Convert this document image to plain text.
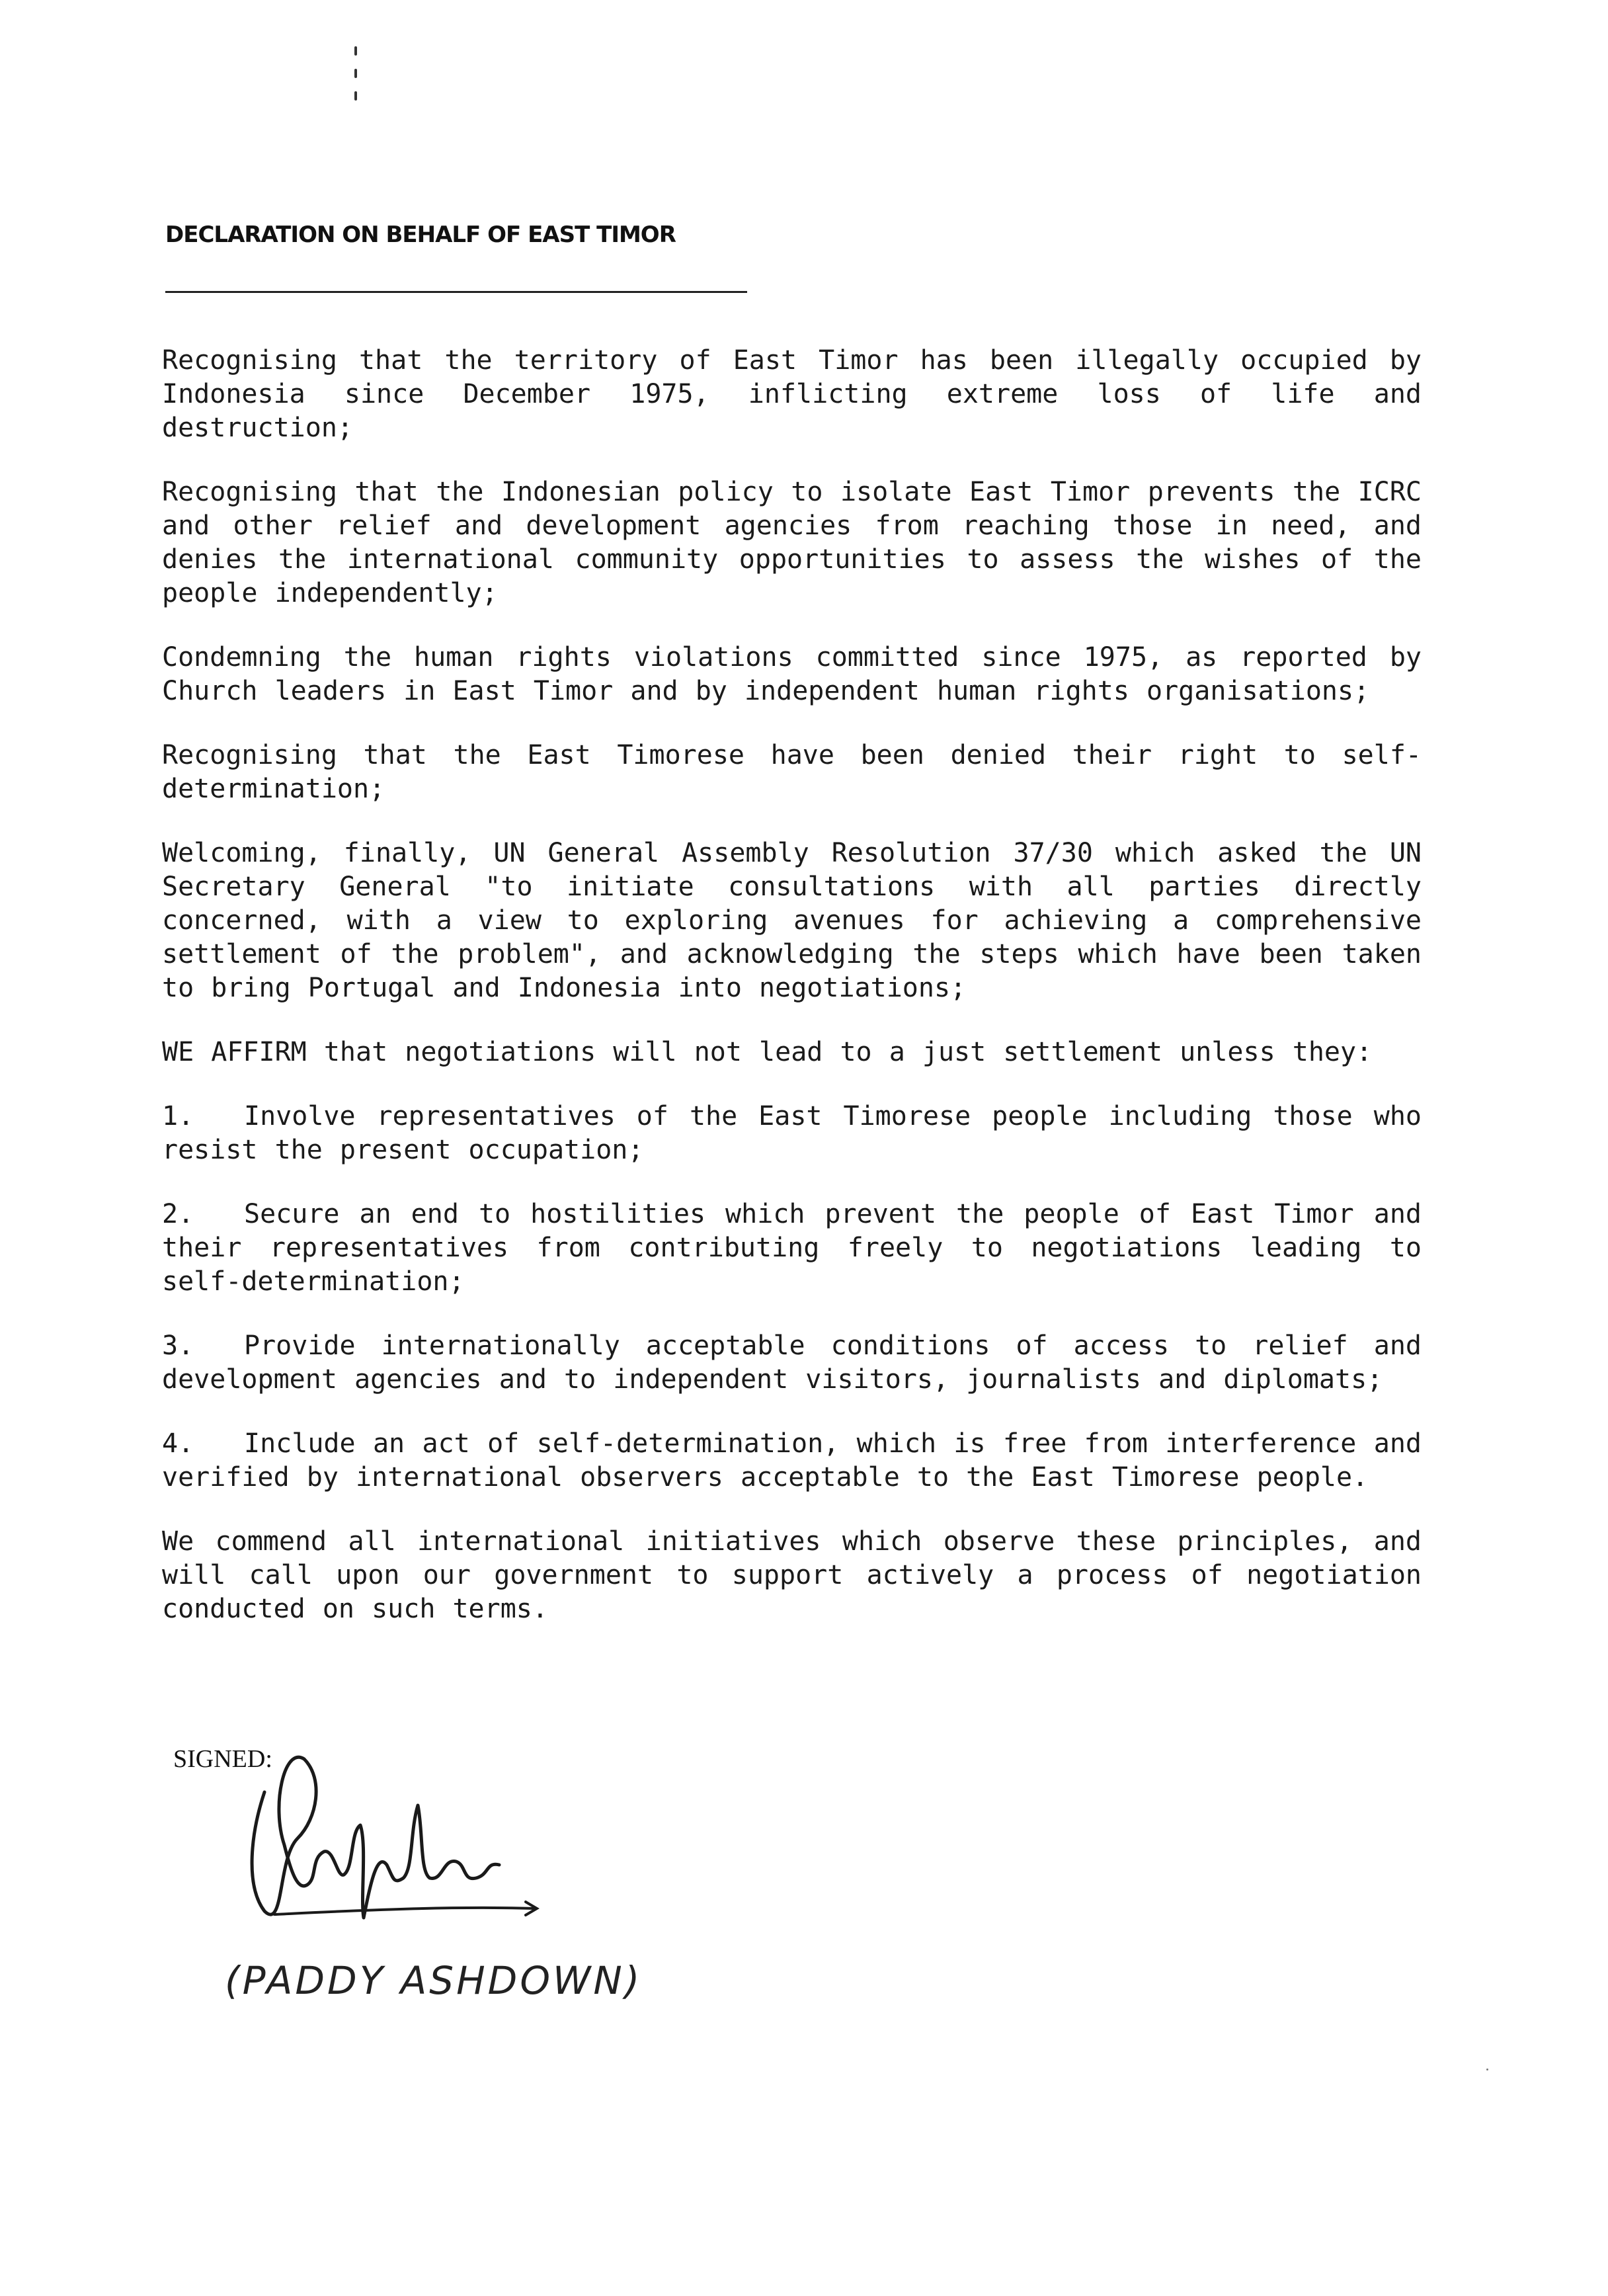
DECLARATION ON BEHALF OF EAST TIMOR

Recognising that the territory of East Timor has been illegally occupied by Indonesia since December 1975, inflicting extreme loss of life and destruction;

Recognising that the Indonesian policy to isolate East Timor prevents the ICRC and other relief and development agencies from reaching those in need, and denies the international community opportunities to assess the wishes of the people independently;

Condemning the human rights violations committed since 1975, as reported by Church leaders in East Timor and by independent human rights organisations;

Recognising that the East Timorese have been denied their right to self-determination;

Welcoming, finally, UN General Assembly Resolution 37/30 which asked the UN Secretary General "to initiate consultations with all parties directly concerned, with a view to exploring avenues for achieving a comprehensive settlement of the problem", and acknowledging the steps which have been taken to bring Portugal and Indonesia into negotiations;

WE AFFIRM that negotiations will not lead to a just settlement unless they:

1. Involve representatives of the East Timorese people including those who resist the present occupation;

2. Secure an end to hostilities which prevent the people of East Timor and their representatives from contributing freely to negotiations leading to self-determination;

3. Provide internationally acceptable conditions of access to relief and development agencies and to independent visitors, journalists and diplomats;

4. Include an act of self-determination, which is free from interference and verified by international observers acceptable to the East Timorese people.

We commend all international initiatives which observe these principles, and will call upon our government to support actively a process of negotiation conducted on such terms.

SIGNED:
(PADDY ASHDOWN)
